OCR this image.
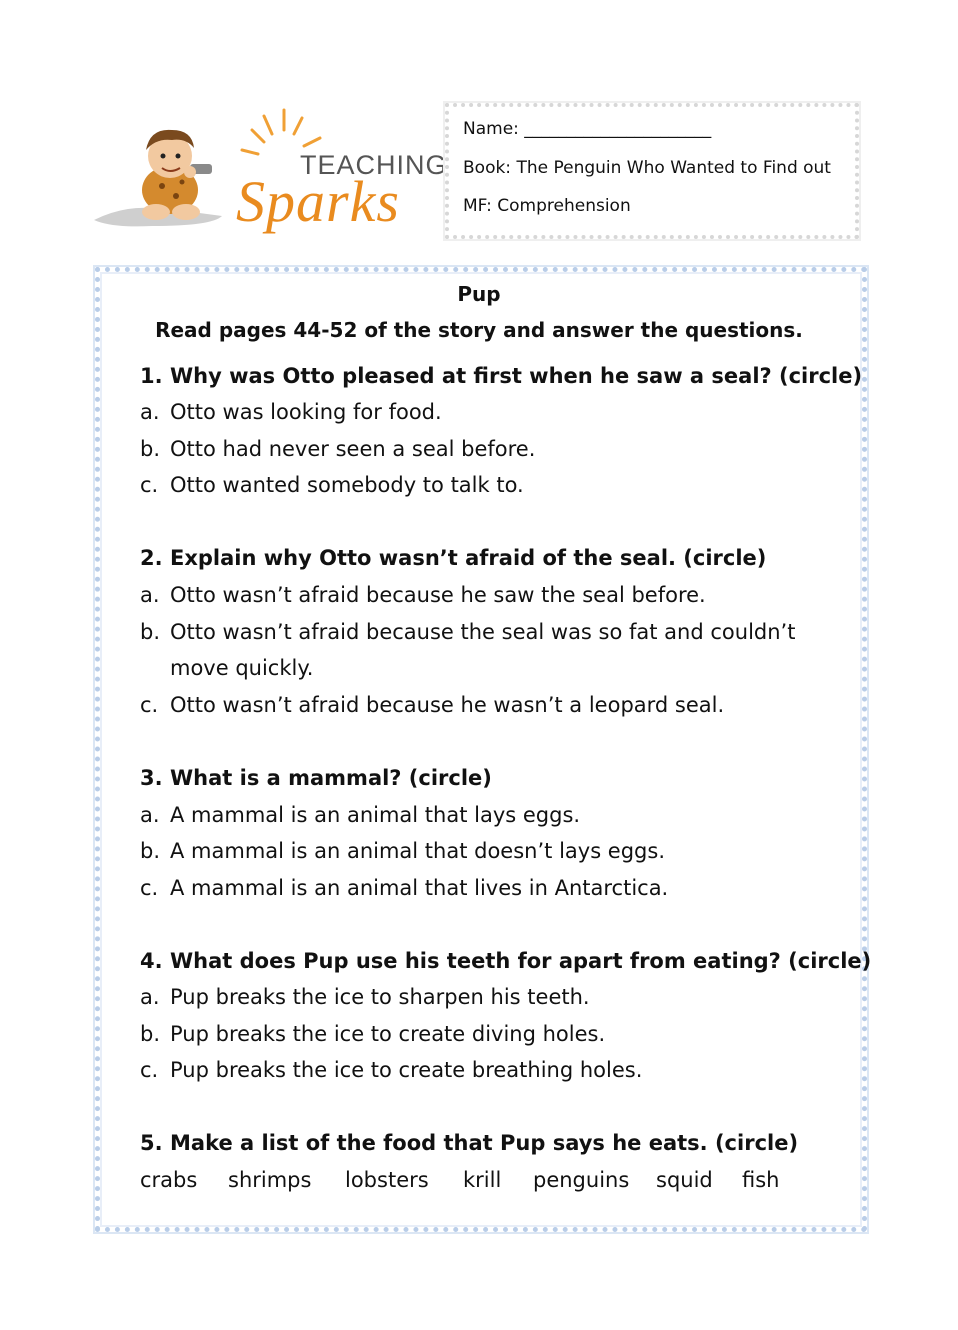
TEACHING
Sparks
Name: ______________________
Book: The Penguin Who Wanted to Find out
MF: Comprehension
Pup
Read pages 44-52 of the story and answer the questions.
1. Why was Otto pleased at first when he saw a seal? (circle)
a. Otto was looking for food.
b. Otto had never seen a seal before.
c. Otto wanted somebody to talk to.
2. Explain why Otto wasn’t afraid of the seal. (circle)
a. Otto wasn’t afraid because he saw the seal before.
b. Otto wasn’t afraid because the seal was so fat and couldn’t
move quickly.
c. Otto wasn’t afraid because he wasn’t a leopard seal.
3. What is a mammal? (circle)
a. A mammal is an animal that lays eggs.
b. A mammal is an animal that doesn’t lays eggs.
c. A mammal is an animal that lives in Antarctica.
4. What does Pup use his teeth for apart from eating? (circle)
a. Pup breaks the ice to sharpen his teeth.
b. Pup breaks the ice to create diving holes.
c. Pup breaks the ice to create breathing holes.
5. Make a list of the food that Pup says he eats. (circle)
crabs shrimps lobsters krill penguins squid fish
